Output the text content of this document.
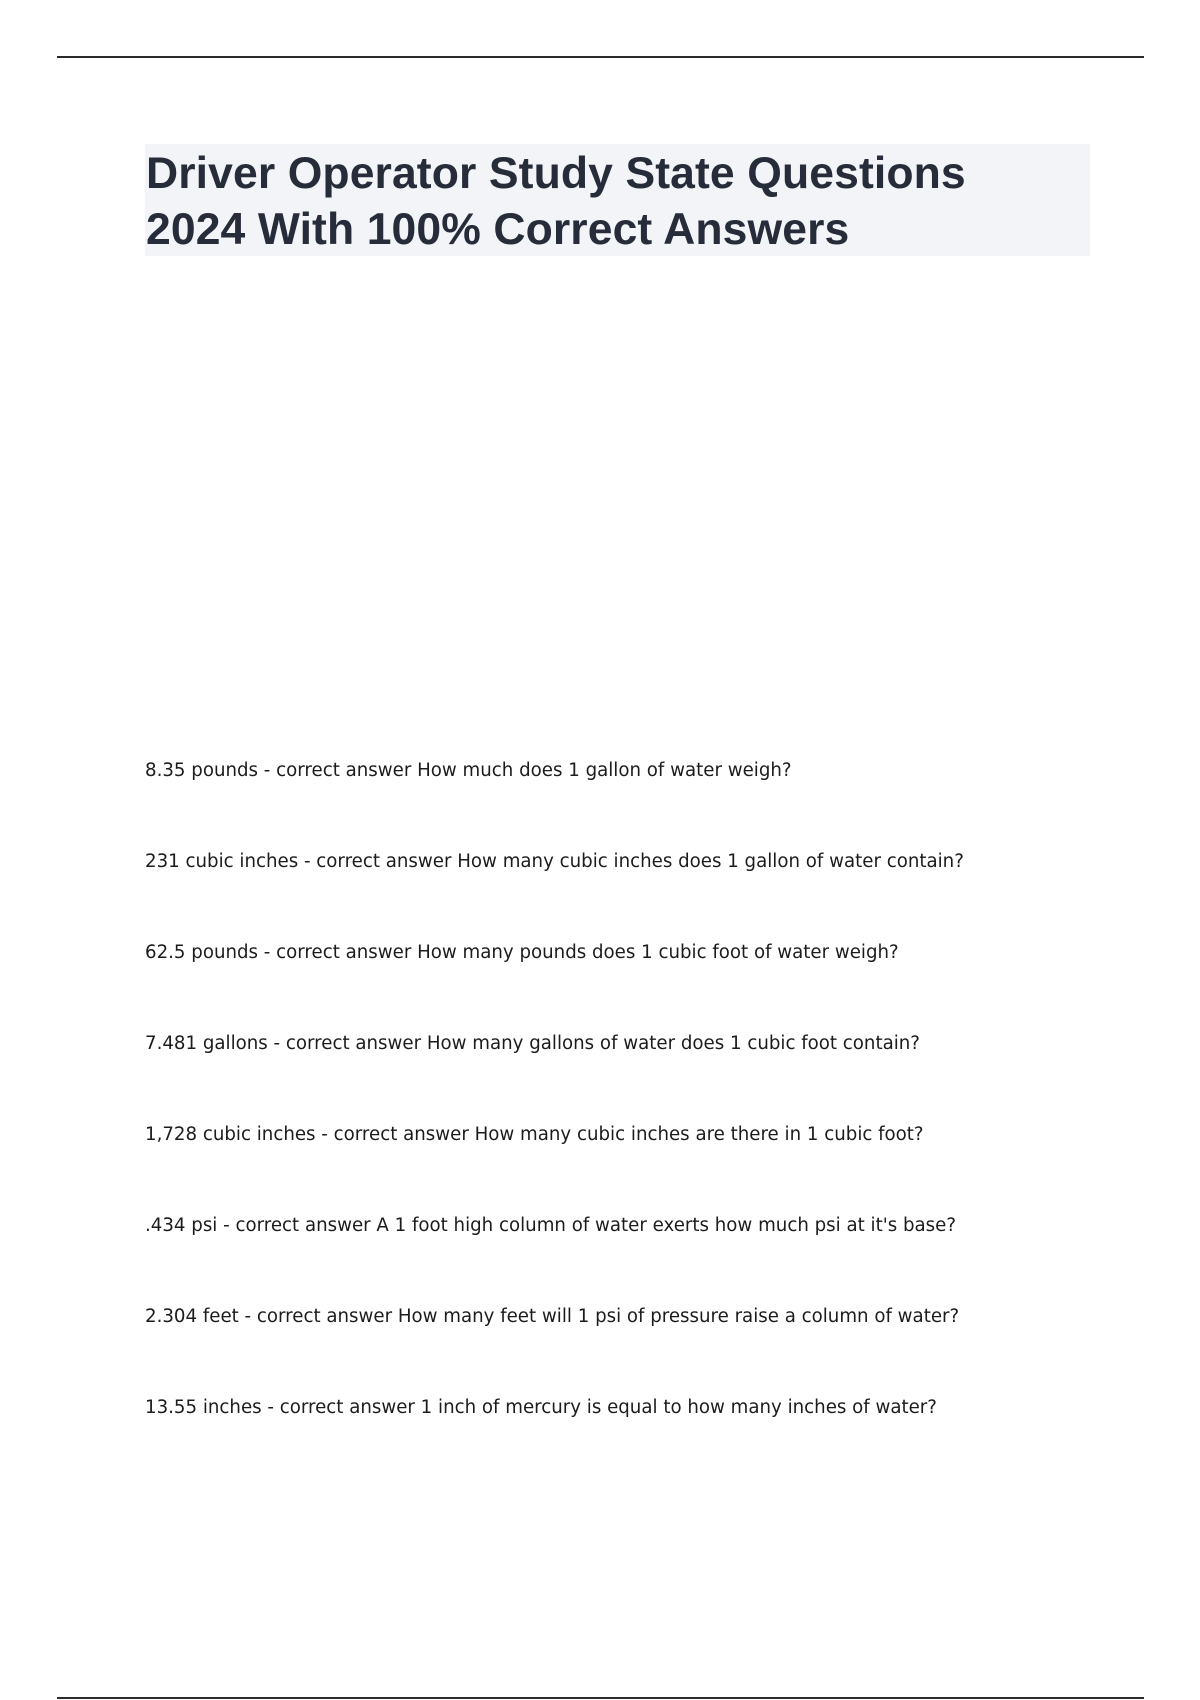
Driver Operator Study State Questions
2024 With 100% Correct Answers
8.35 pounds - correct answer How much does 1 gallon of water weigh?
231 cubic inches - correct answer How many cubic inches does 1 gallon of water contain?
62.5 pounds - correct answer How many pounds does 1 cubic foot of water weigh?
7.481 gallons - correct answer How many gallons of water does 1 cubic foot contain?
1,728 cubic inches - correct answer How many cubic inches are there in 1 cubic foot?
.434 psi - correct answer A 1 foot high column of water exerts how much psi at it's base?
2.304 feet - correct answer How many feet will 1 psi of pressure raise a column of water?
13.55 inches - correct answer 1 inch of mercury is equal to how many inches of water?
